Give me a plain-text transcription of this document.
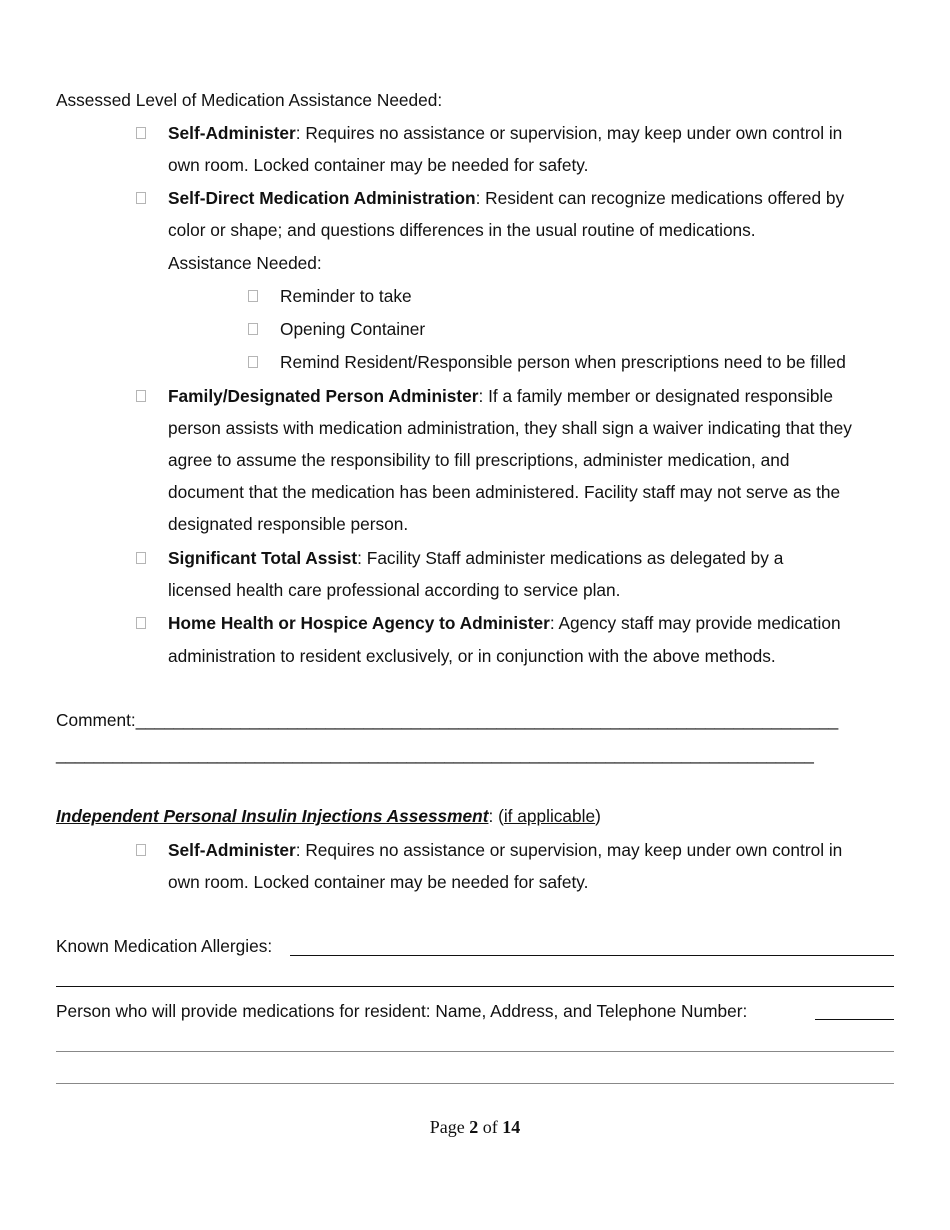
Assessed Level of Medication Assistance Needed:
Self-Administer: Requires no assistance or supervision, may keep under own control in
own room. Locked container may be needed for safety.
Self-Direct Medication Administration: Resident can recognize medications offered by
color or shape; and questions differences in the usual routine of medications.
Assistance Needed:
Reminder to take
Opening Container
Remind Resident/Responsible person when prescriptions need to be filled
Family/Designated Person Administer: If a family member or designated responsible
person assists with medication administration, they shall sign a waiver indicating that they
agree to assume the responsibility to fill prescriptions, administer medication, and
document that the medication has been administered. Facility staff may not serve as the
designated responsible person.
Significant Total Assist: Facility Staff administer medications as delegated by a
licensed health care professional according to service plan.
Home Health or Hospice Agency to Administer: Agency staff may provide medication
administration to resident exclusively, or in conjunction with the above methods.
Comment:__________________________________________________________________________
________________________________________________________________________________
Independent Personal Insulin Injections Assessment: (if applicable)
Self-Administer: Requires no assistance or supervision, may keep under own control in
own room. Locked container may be needed for safety.
Known Medication Allergies:
Person who will provide medications for resident: Name, Address, and Telephone Number:
Page 2 of 14
